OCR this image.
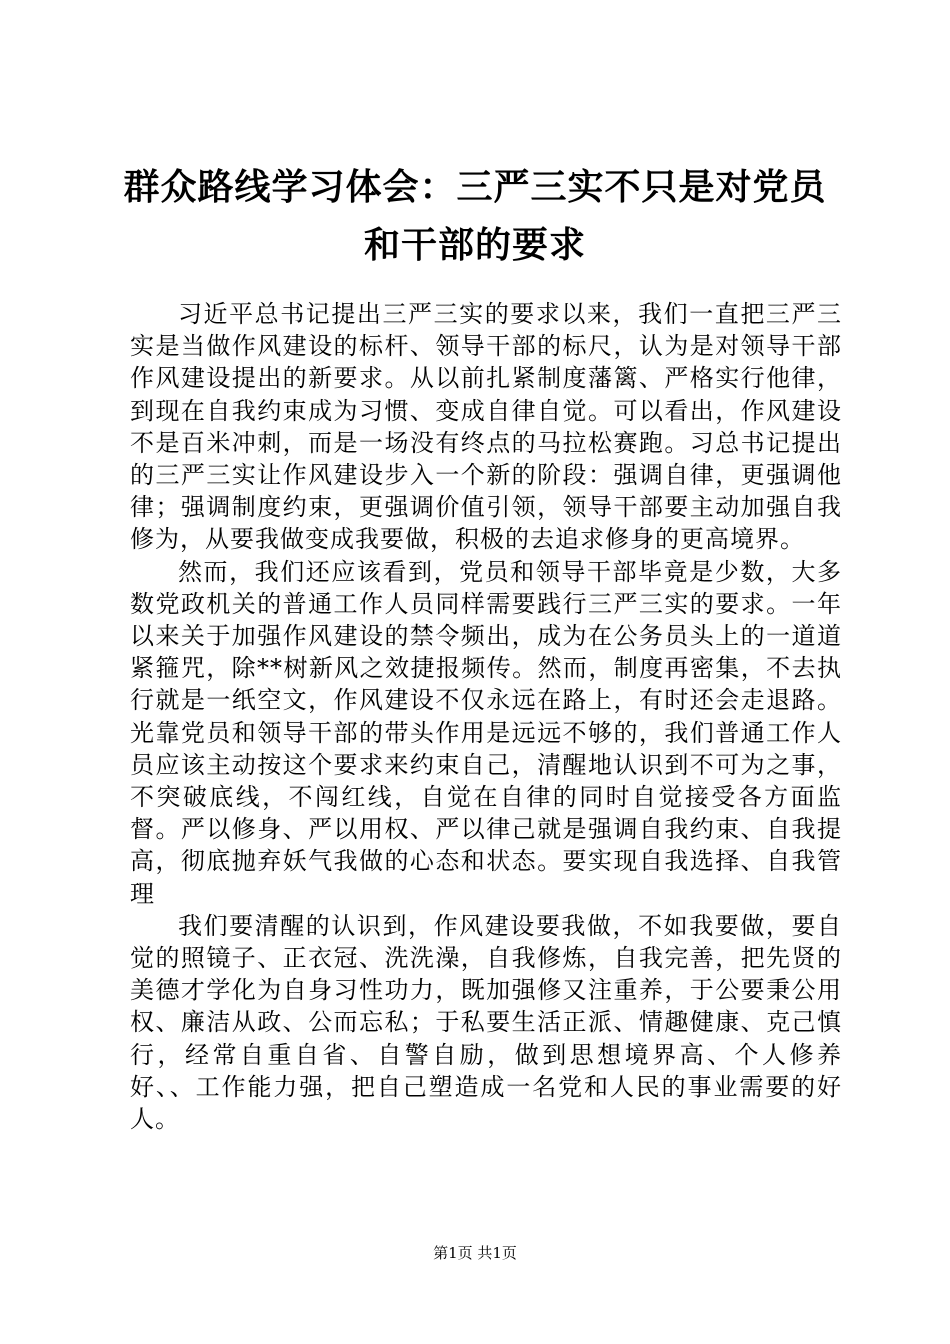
群众路线学习体会：三严三实不只是对党员和干部的要求

习近平总书记提出三严三实的要求以来，我们一直把三严三实是当做作风建设的标杆、领导干部的标尺，认为是对领导干部作风建设提出的新要求。从以前扎紧制度藩篱、严格实行他律，到现在自我约束成为习惯、变成自律自觉。可以看出，作风建设不是百米冲刺，而是一场没有终点的马拉松赛跑。习总书记提出的三严三实让作风建设步入一个新的阶段：强调自律，更强调他律；强调制度约束，更强调价值引领，领导干部要主动加强自我修为，从要我做变成我要做，积极的去追求修身的更高境界。

然而，我们还应该看到，党员和领导干部毕竟是少数，大多数党政机关的普通工作人员同样需要践行三严三实的要求。一年以来关于加强作风建设的禁令频出，成为在公务员头上的一道道紧箍咒，除**树新风之效捷报频传。然而，制度再密集，不去执行就是一纸空文，作风建设不仅永远在路上，有时还会走退路。光靠党员和领导干部的带头作用是远远不够的，我们普通工作人员应该主动按这个要求来约束自己，清醒地认识到不可为之事，不突破底线，不闯红线，自觉在自律的同时自觉接受各方面监督。严以修身、严以用权、严以律己就是强调自我约束、自我提高，彻底抛弃妖气我做的心态和状态。要实现自我选择、自我管理

我们要清醒的认识到，作风建设要我做，不如我要做，要自觉的照镜子、正衣冠、洗洗澡，自我修炼，自我完善，把先贤的美德才学化为自身习性功力，既加强修又注重养，于公要秉公用权、廉洁从政、公而忘私；于私要生活正派、情趣健康、克己慎行，经常自重自省、自警自励，做到思想境界高、个人修养好、、工作能力强，把自己塑造成一名党和人民的事业需要的好人。

第1页 共1页
